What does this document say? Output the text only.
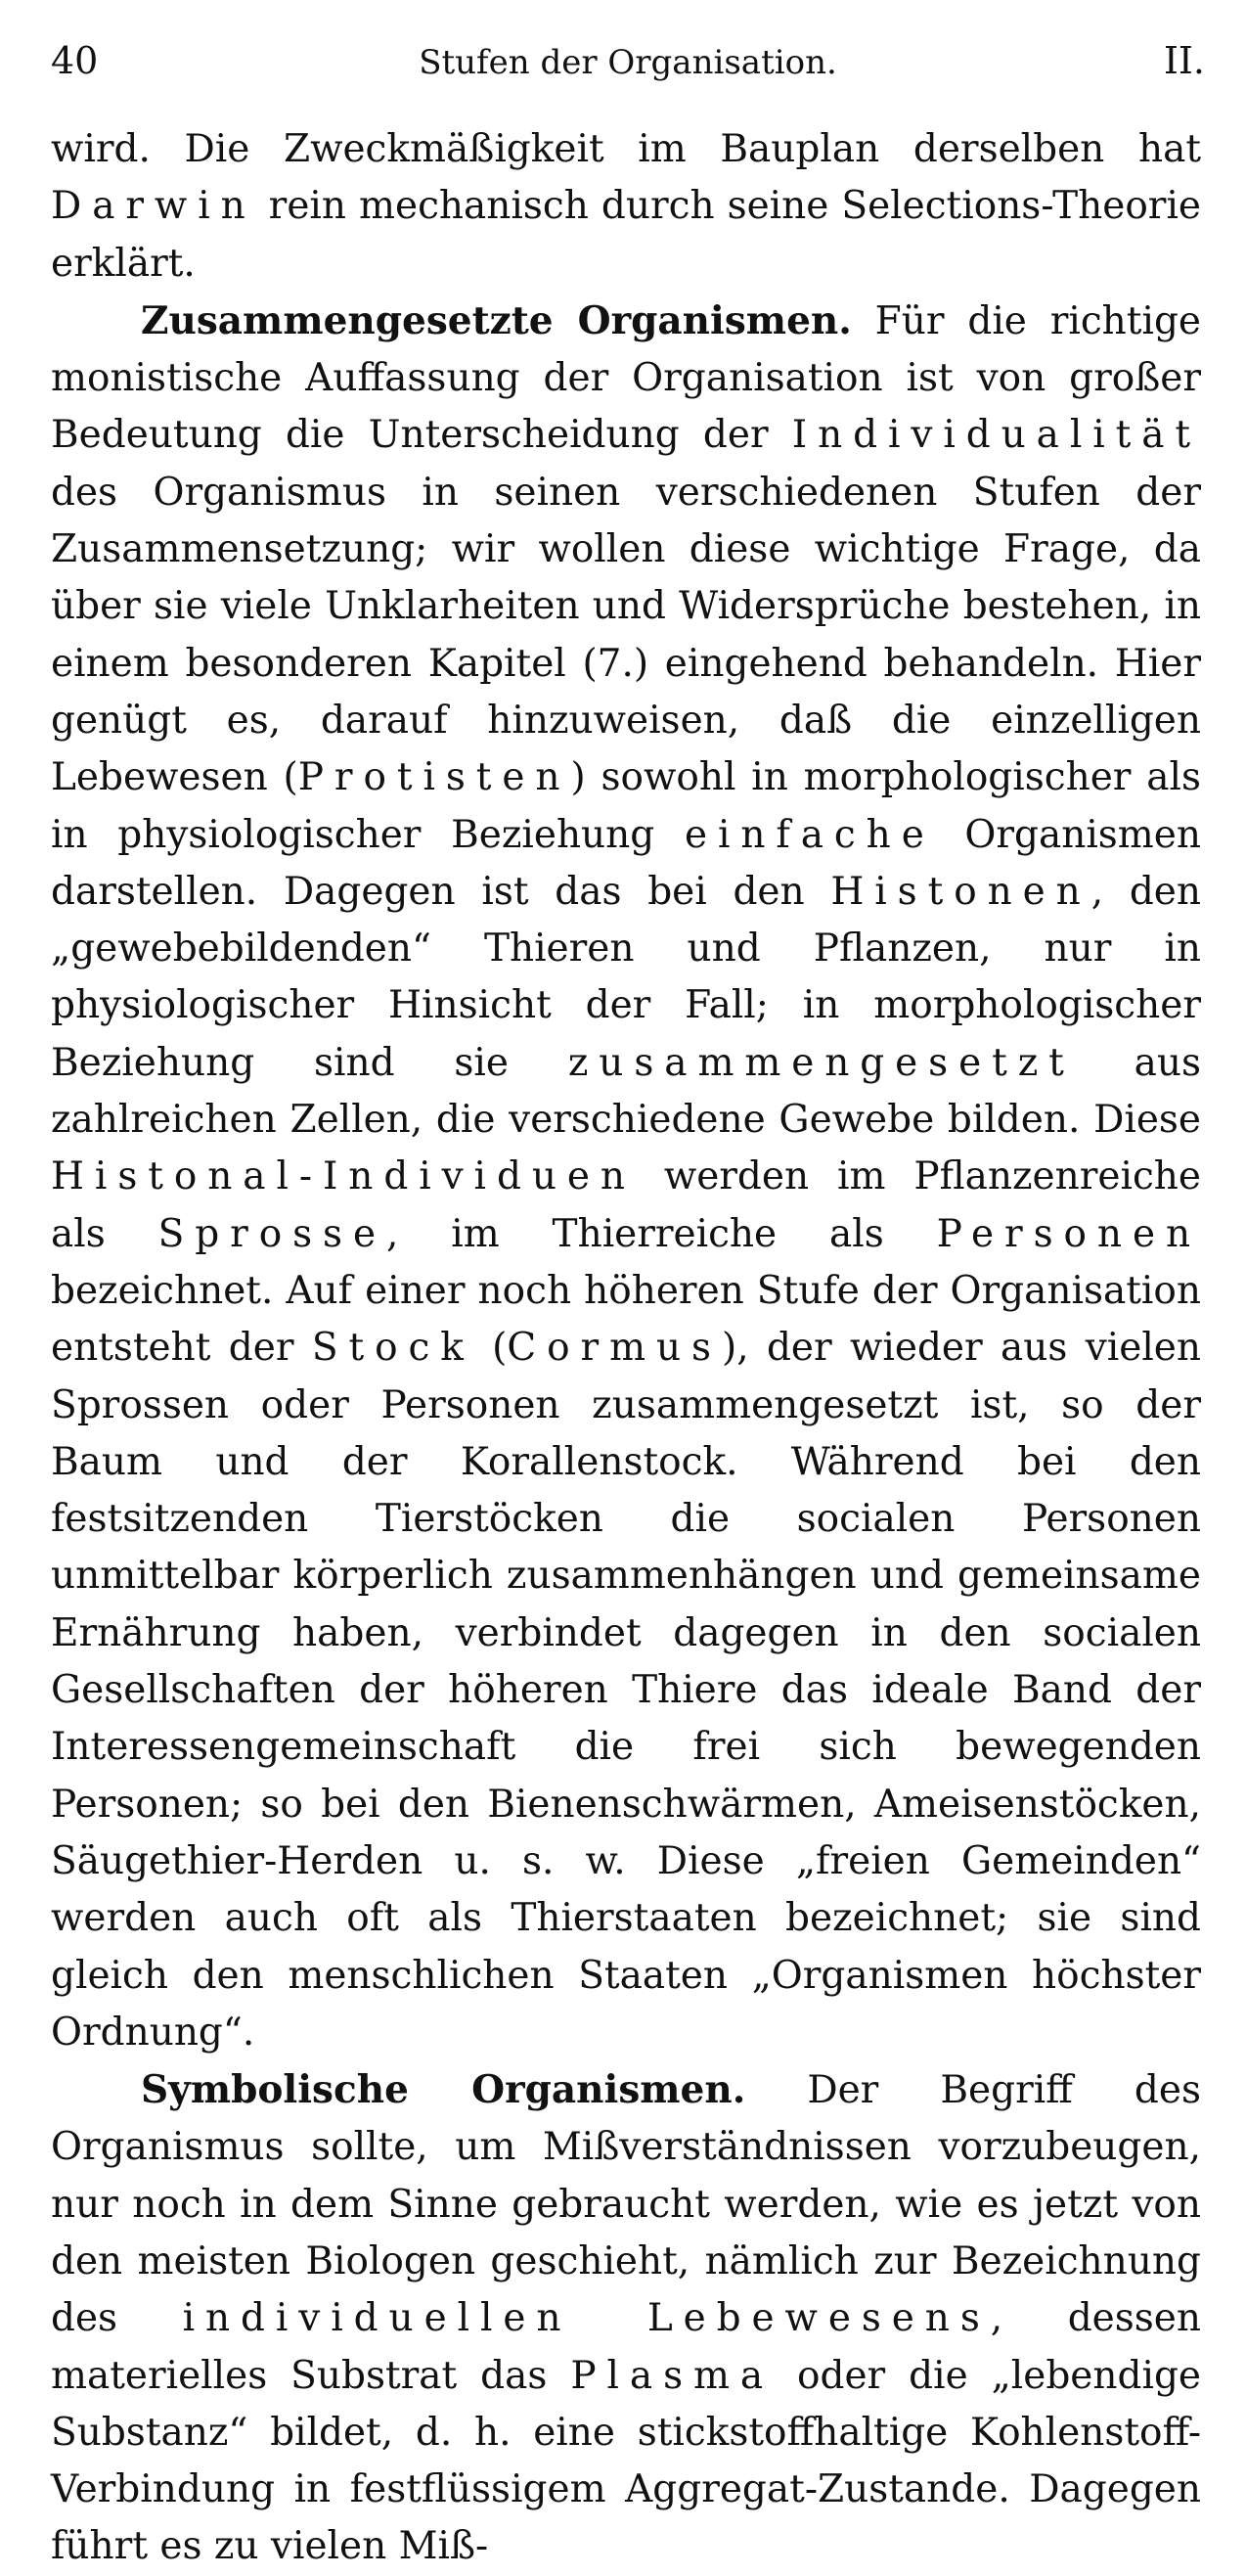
40	Stufen der Organisation.	II.

wird. Die Zweckmäßigkeit im Bauplan derselben hat Darwin rein mechanisch durch seine Selections-Theorie erklärt.

Zusammengesetzte Organismen. Für die richtige monistische Auffassung der Organisation ist von großer Bedeutung die Unterscheidung der Individualität des Organismus in seinen verschiedenen Stufen der Zusammensetzung; wir wollen diese wichtige Frage, da über sie viele Unklarheiten und Widersprüche bestehen, in einem besonderen Kapitel (7.) eingehend behandeln. Hier genügt es, darauf hinzuweisen, daß die einzelligen Lebewesen (Protisten) sowohl in morphologischer als in physiologischer Beziehung einfache Organismen darstellen. Dagegen ist das bei den Histonen, den „gewebebildenden“ Thieren und Pflanzen, nur in physiologischer Hinsicht der Fall; in morphologischer Beziehung sind sie zusammengesetzt aus zahlreichen Zellen, die verschiedene Gewebe bilden. Diese Histonal-Individuen werden im Pflanzenreiche als Sprosse, im Thierreiche als Personen bezeichnet. Auf einer noch höheren Stufe der Organisation entsteht der Stock (Cormus), der wieder aus vielen Sprossen oder Personen zusammengesetzt ist, so der Baum und der Korallenstock. Während bei den festsitzenden Tierstöcken die socialen Personen unmittelbar körperlich zusammenhängen und gemeinsame Ernährung haben, verbindet dagegen in den socialen Gesellschaften der höheren Thiere das ideale Band der Interessengemeinschaft die frei sich bewegenden Personen; so bei den Bienenschwärmen, Ameisenstöcken, Säugethier-Herden u. s. w. Diese „freien Gemeinden“ werden auch oft als Thierstaaten bezeichnet; sie sind gleich den menschlichen Staaten „Organismen höchster Ordnung“.

Symbolische Organismen. Der Begriff des Organismus sollte, um Mißverständnissen vorzubeugen, nur noch in dem Sinne gebraucht werden, wie es jetzt von den meisten Biologen geschieht, nämlich zur Bezeichnung des individuellen Lebewesens, dessen materielles Substrat das Plasma oder die „lebendige Substanz“ bildet, d. h. eine stickstoffhaltige Kohlenstoff-Verbindung in festflüssigem Aggregat-Zustande. Dagegen führt es zu vielen Miß-
